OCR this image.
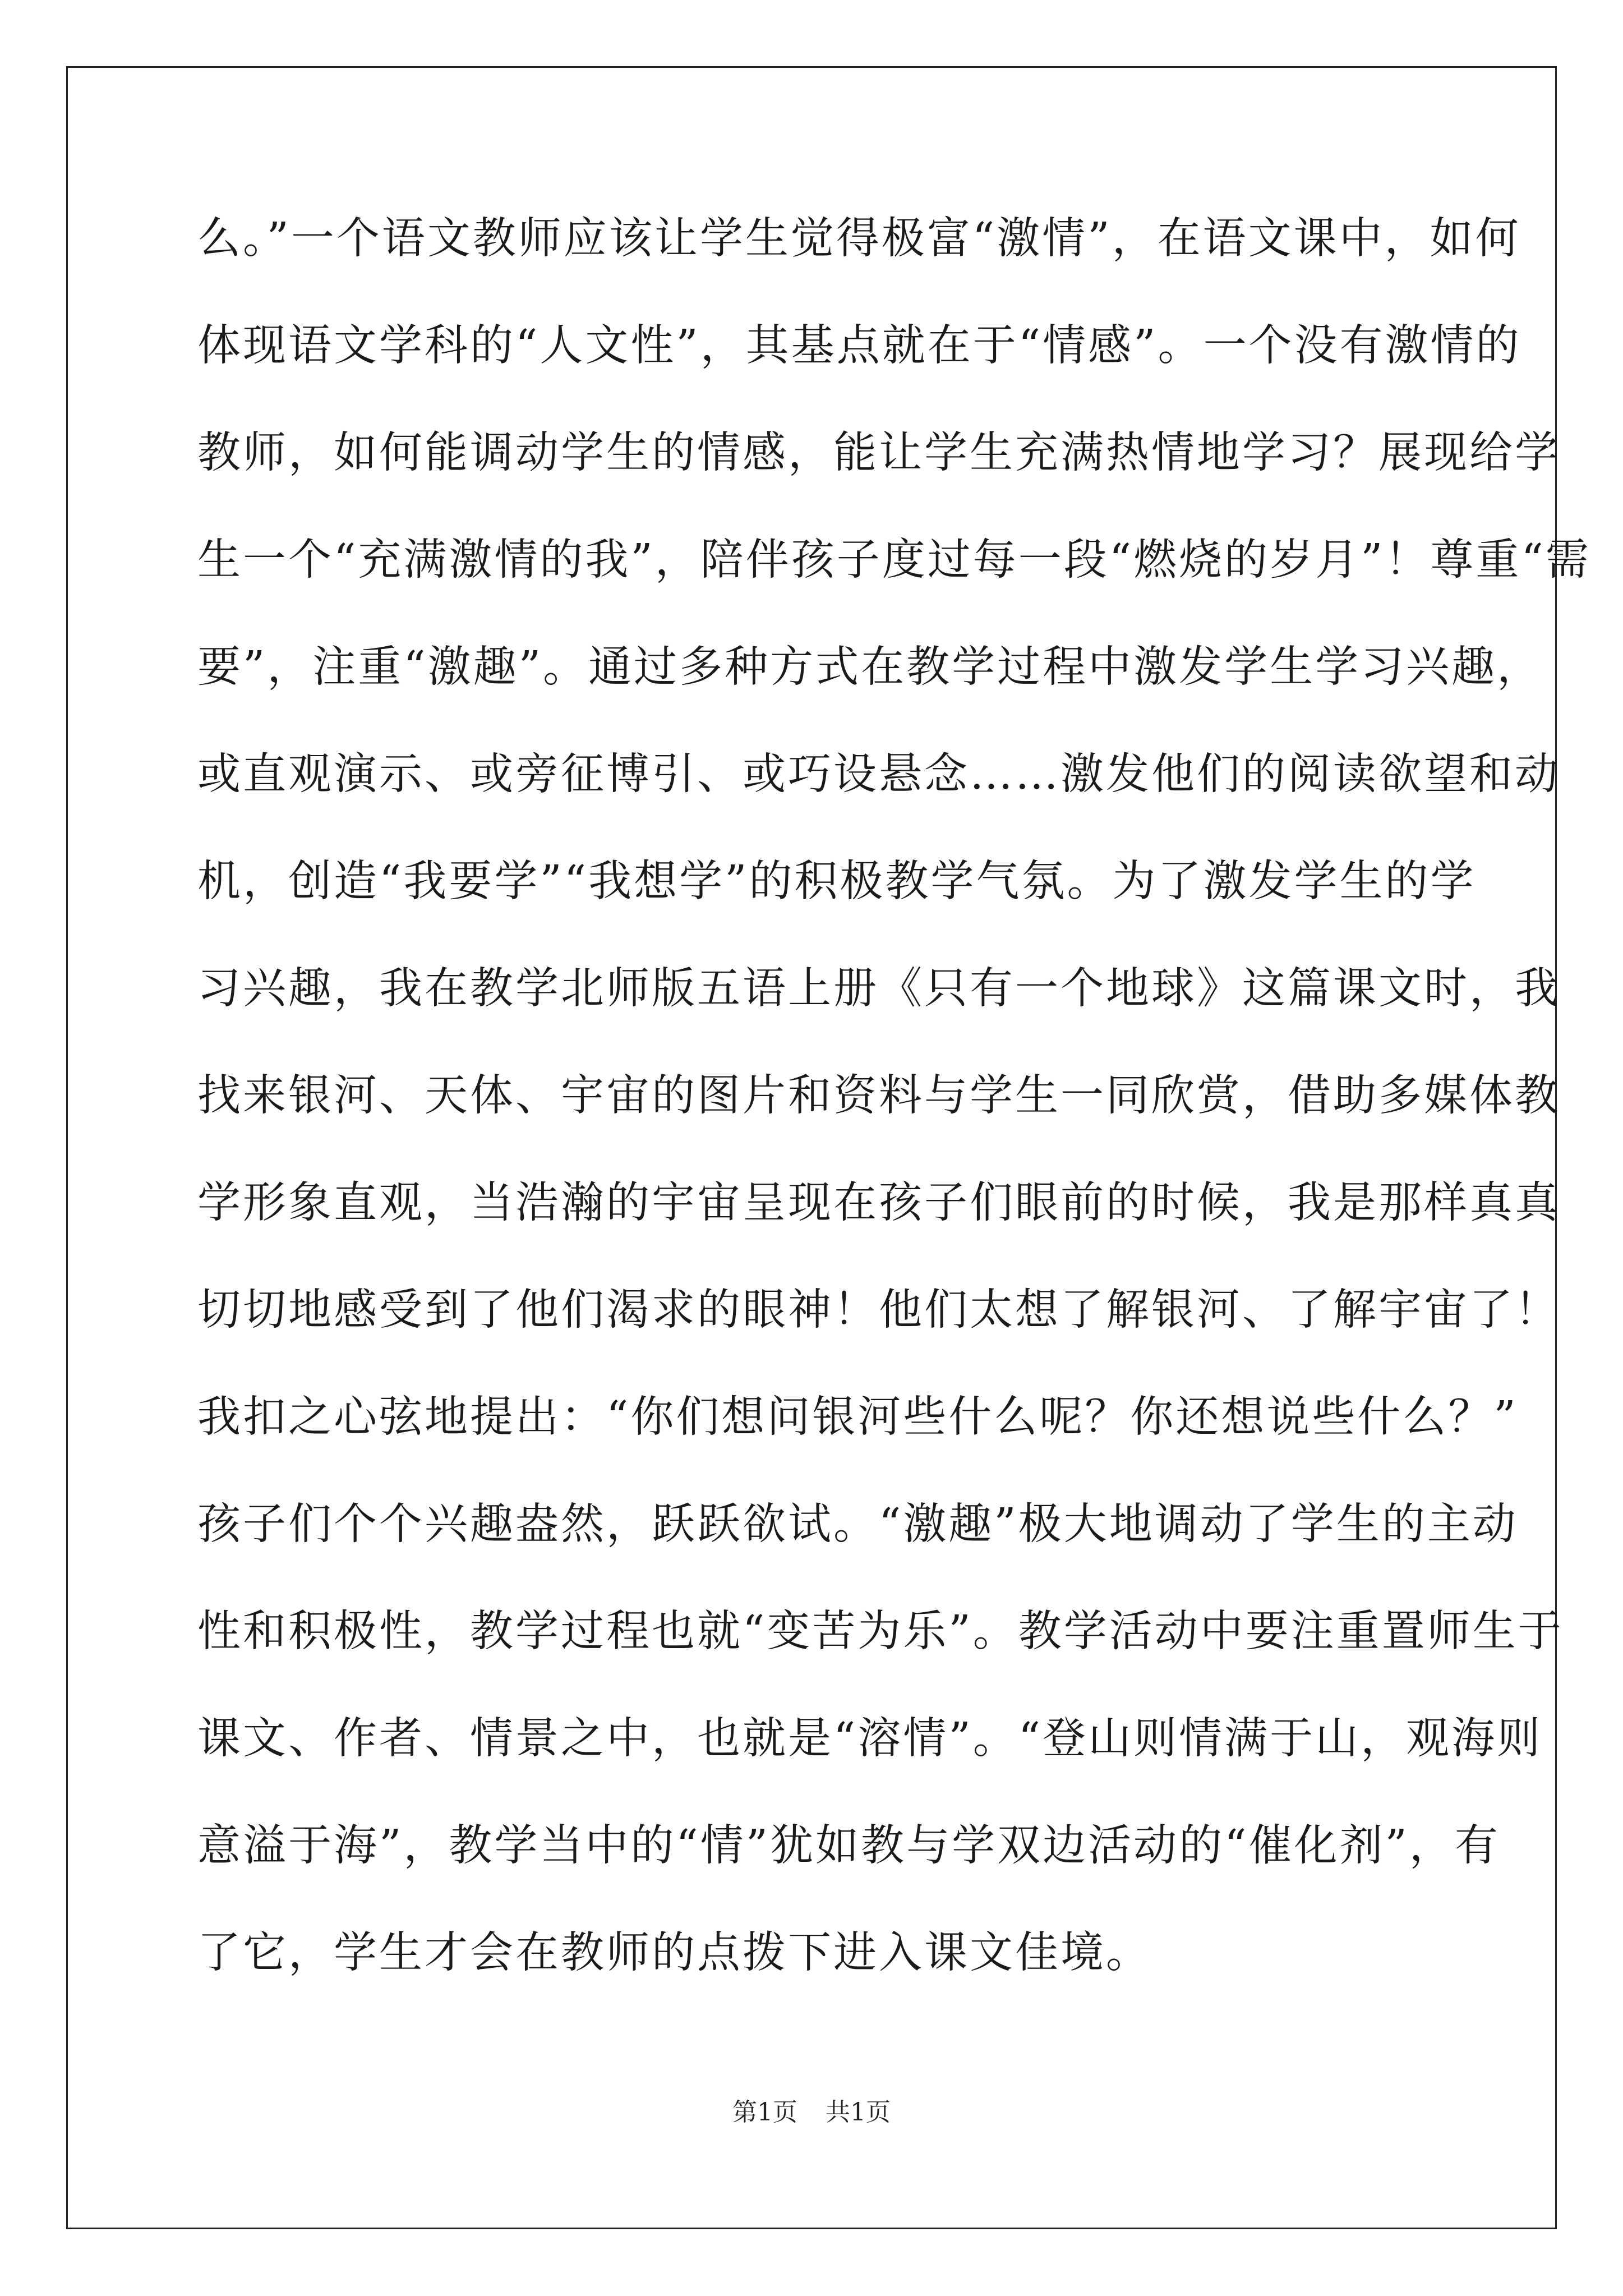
么。”一个语文教师应该让学生觉得极富“激情”，在语文课中，如何
体现语文学科的“人文性”，其基点就在于“情感”。一个没有激情的
教师，如何能调动学生的情感，能让学生充满热情地学习？展现给学
生一个“充满激情的我”，陪伴孩子度过每一段“燃烧的岁月”！尊重“需
要”，注重“激趣”。通过多种方式在教学过程中激发学生学习兴趣，
或直观演示、或旁征博引、或巧设悬念……激发他们的阅读欲望和动
机，创造“我要学”“我想学”的积极教学气氛。为了激发学生的学
习兴趣，我在教学北师版五语上册《只有一个地球》这篇课文时，我
找来银河、天体、宇宙的图片和资料与学生一同欣赏，借助多媒体教
学形象直观，当浩瀚的宇宙呈现在孩子们眼前的时候，我是那样真真
切切地感受到了他们渴求的眼神！他们太想了解银河、了解宇宙了！
我扣之心弦地提出：“你们想问银河些什么呢？你还想说些什么？”
孩子们个个兴趣盎然，跃跃欲试。“激趣”极大地调动了学生的主动
性和积极性，教学过程也就“变苦为乐”。教学活动中要注重置师生于
课文、作者、情景之中，也就是“溶情”。“登山则情满于山，观海则
意溢于海”，教学当中的“情”犹如教与学双边活动的“催化剂”，有
了它，学生才会在教师的点拨下进入课文佳境。
第1页 共1页
